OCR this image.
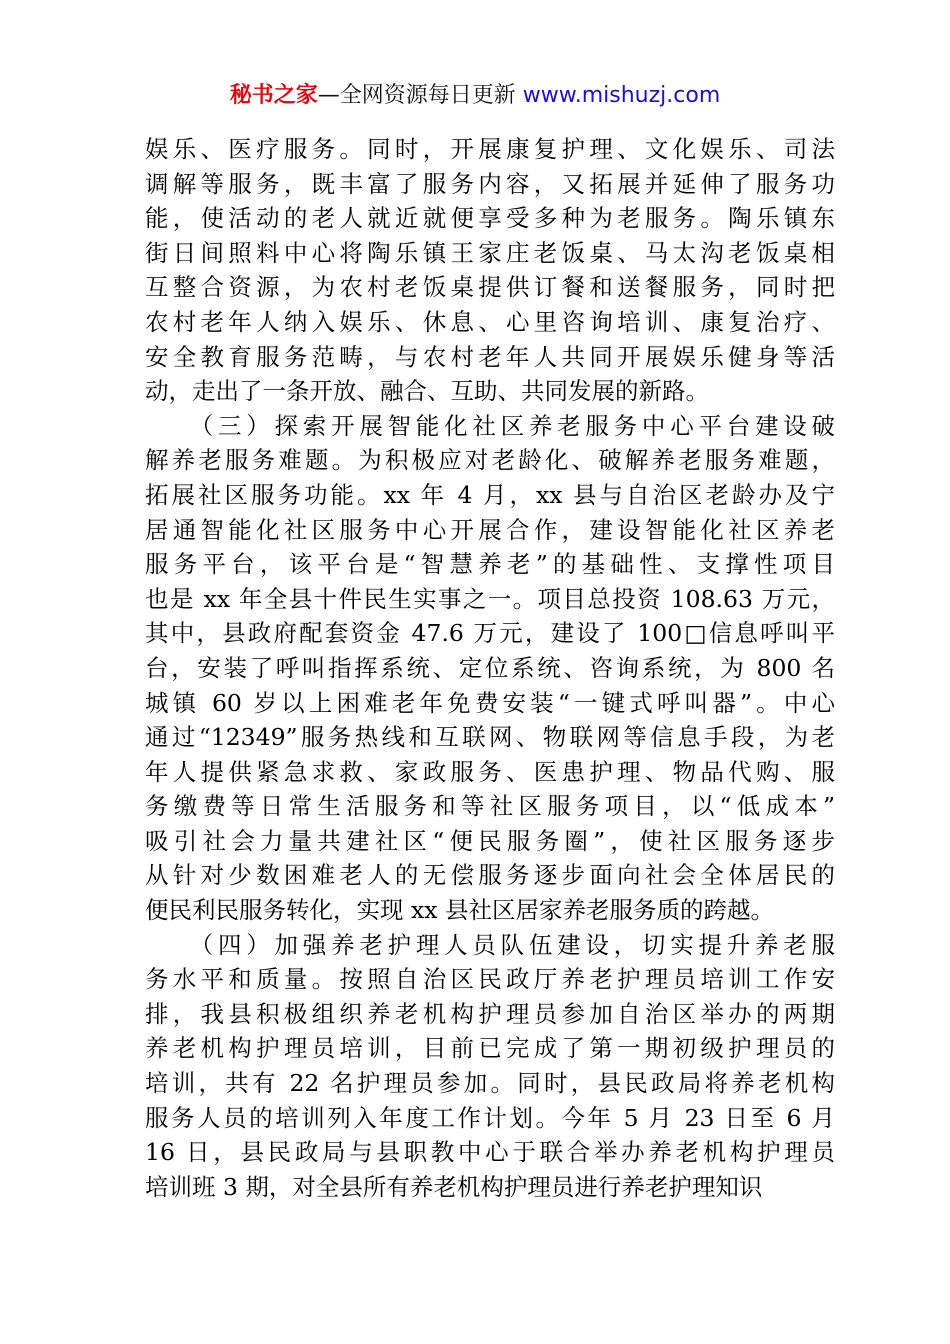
秘书之家—全网资源每日更新 www.mishuzj.com
娱乐、医疗服务。同时，开展康复护理、文化娱乐、司法
调解等服务，既丰富了服务内容，又拓展并延伸了服务功
能，使活动的老人就近就便享受多种为老服务。陶乐镇东
街日间照料中心将陶乐镇王家庄老饭桌、马太沟老饭桌相
互整合资源，为农村老饭桌提供订餐和送餐服务，同时把
农村老年人纳入娱乐、休息、心里咨询培训、康复治疗、
安全教育服务范畴，与农村老年人共同开展娱乐健身等活
动，走出了一条开放、融合、互助、共同发展的新路。
　　（三）探索开展智能化社区养老服务中心平台建设破
解养老服务难题。为积极应对老龄化、破解养老服务难题，
拓展社区服务功能。xx 年 4 月，xx 县与自治区老龄办及宁
居通智能化社区服务中心开展合作，建设智能化社区养老
服务平台，该平台是“智慧养老”的基础性、支撑性项目
也是 xx 年全县十件民生实事之一。项目总投资 108.63 万元，
其中，县政府配套资金 47.6 万元，建设了 100□信息呼叫平
台，安装了呼叫指挥系统、定位系统、咨询系统，为 800 名
城镇 60 岁以上困难老年免费安装“一键式呼叫器”。中心
通过“12349”服务热线和互联网、物联网等信息手段，为老
年人提供紧急求救、家政服务、医患护理、物品代购、服
务缴费等日常生活服务和等社区服务项目，以“低成本”
吸引社会力量共建社区“便民服务圈”，使社区服务逐步
从针对少数困难老人的无偿服务逐步面向社会全体居民的
便民利民服务转化，实现 xx 县社区居家养老服务质的跨越。
　　（四）加强养老护理人员队伍建设，切实提升养老服
务水平和质量。按照自治区民政厅养老护理员培训工作安
排，我县积极组织养老机构护理员参加自治区举办的两期
养老机构护理员培训，目前已完成了第一期初级护理员的
培训，共有 22 名护理员参加。同时，县民政局将养老机构
服务人员的培训列入年度工作计划。今年 5 月 23 日至 6 月
16 日，县民政局与县职教中心于联合举办养老机构护理员
培训班 3 期，对全县所有养老机构护理员进行养老护理知识
